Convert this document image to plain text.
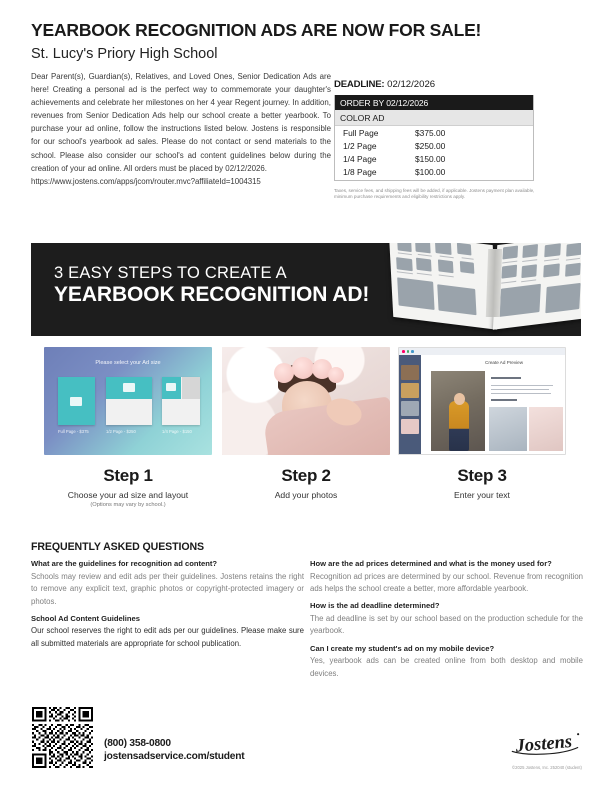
YEARBOOK RECOGNITION ADS ARE NOW FOR SALE!
St. Lucy's Priory High School
Dear Parent(s), Guardian(s), Relatives, and Loved Ones, Senior Dedication Ads are here! Creating a personal ad is the perfect way to commemorate your daughter's achievements and celebrate her milestones on her 4 year Regent journey. In addition, revenues from Senior Dedication Ads help our school create a better yearbook. To purchase your ad online, follow the instructions listed below. Jostens is responsible for our school's yearbook ad sales. Please do not contact or send materials to the school. Please also consider our school's ad content guidelines below during the creation of your ad online. All orders must be placed by 02/12/2026.
https://www.jostens.com/apps/jcom/router.mvc?affiliateId=1004315
DEADLINE: 02/12/2026
ORDER BY 02/12/2026
COLOR AD
Full Page	$375.00
1/2 Page	$250.00
1/4 Page	$150.00
1/8 Page	$100.00
Taxes, service fees, and shipping fees will be added, if applicable. Jostens payment plan available, minimum purchase requirements and eligibility restrictions apply.
3 EASY STEPS TO CREATE A
YEARBOOK RECOGNITION AD!
Please select your Ad size
Full Page - $375	1/2 Page - $250	1/4 Page - $150
Step 1
Choose your ad size and layout
(Options may vary by school.)
Step 2
Add your photos
Create Ad Preview
Step 3
Enter your text
FREQUENTLY ASKED QUESTIONS
What are the guidelines for recognition ad content?
Schools may review and edit ads per their guidelines. Jostens retains the right to remove any explicit text, graphic photos or copyright-protected imagery or photos.
School Ad Content Guidelines
Our school reserves the right to edit ads per our guidelines. Please make sure all submitted materials are appropriate for school publication.
How are the ad prices determined and what is the money used for?
Recognition ad prices are determined by our school. Revenue from recognition ads helps the school create a better, more affordable yearbook.
How is the ad deadline determined?
The ad deadline is set by our school based on the production schedule for the yearbook.
Can I create my student's ad on my mobile device?
Yes, yearbook ads can be created online from both desktop and mobile devices.
(800) 358-0800
jostensadservice.com/student	Jostens
©2025 Jostens, Inc. 252040 (student)
